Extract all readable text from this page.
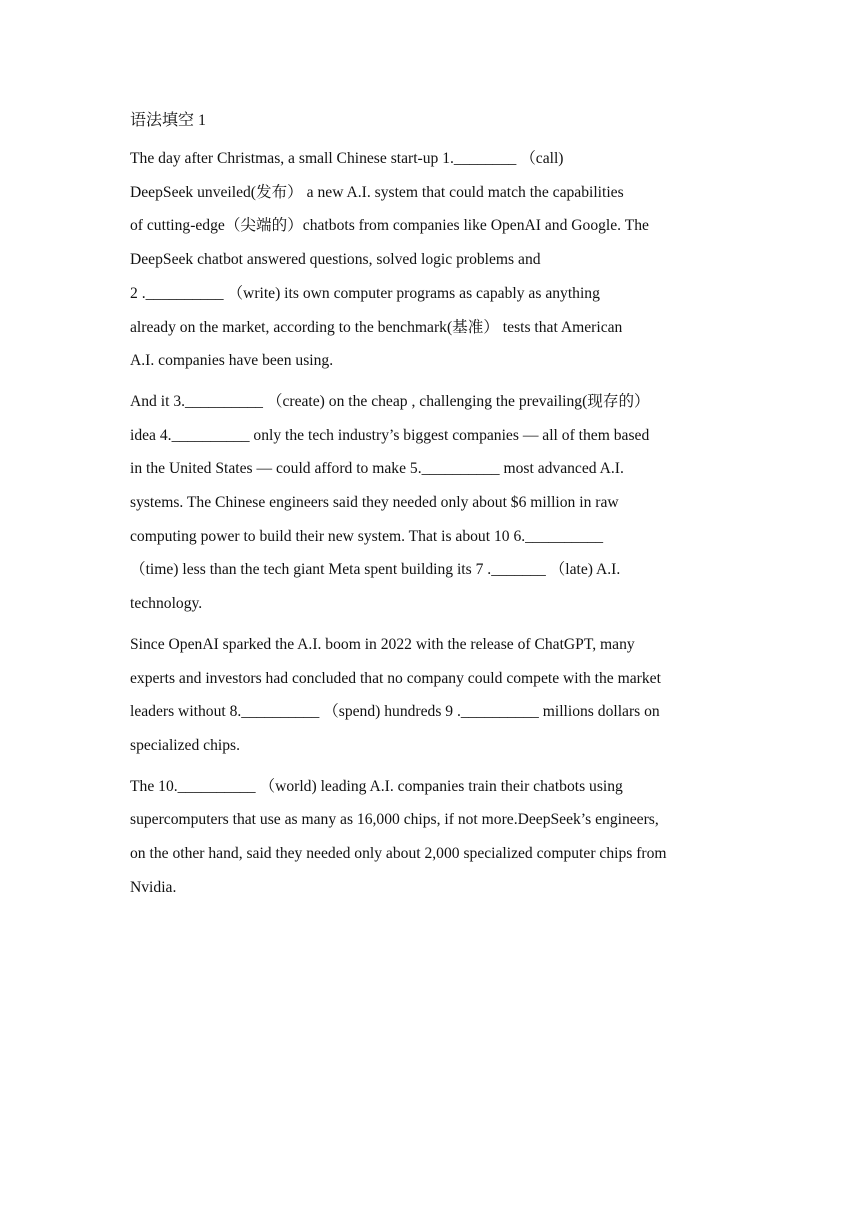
语法填空 1
The day after Christmas, a small Chinese start-up 1.________ （call)
DeepSeek unveiled(发布） a new A.I. system that could match the capabilities
of cutting-edge（尖端的）chatbots from companies like OpenAI and Google. The
DeepSeek chatbot answered questions, solved logic problems and
2 .__________ （write) its own computer programs as capably as anything
already on the market, according to the benchmark(基准） tests that American
A.I. companies have been using.
And it 3.__________ （create) on the cheap , challenging the prevailing(现存的）
idea 4.__________ only the tech industry’s biggest companies — all of them based
in the United States — could afford to make 5.__________ most advanced A.I.
systems. The Chinese engineers said they needed only about $6 million in raw
computing power to build their new system. That is about 10 6.__________
（time) less than the tech giant Meta spent building its 7 ._______ （late) A.I.
technology.
Since OpenAI sparked the A.I. boom in 2022 with the release of ChatGPT, many
experts and investors had concluded that no company could compete with the market
leaders without 8.__________ （spend) hundreds 9 .__________ millions dollars on
specialized chips.
The 10.__________ （world) leading A.I. companies train their chatbots using
supercomputers that use as many as 16,000 chips, if not more.DeepSeek’s engineers,
on the other hand, said they needed only about 2,000 specialized computer chips from
Nvidia.
